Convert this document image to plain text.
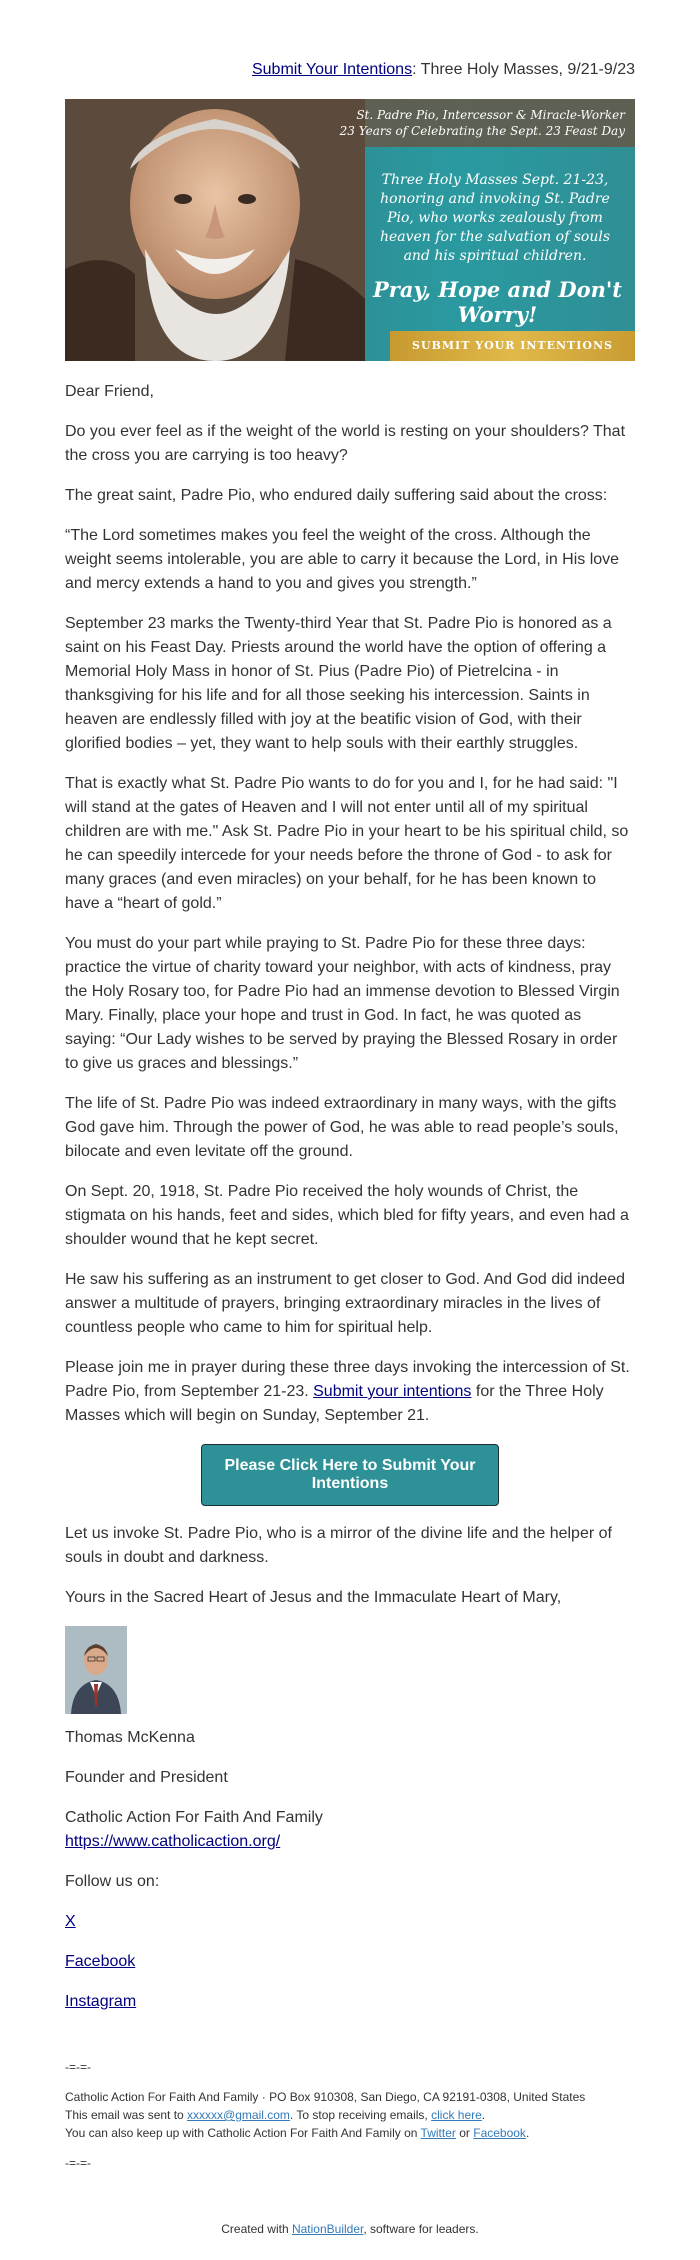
Submit Your Intentions: Three Holy Masses, 9/21-9/23
St. Padre Pio, Intercessor & Miracle-Worker
23 Years of Celebrating the Sept. 23 Feast Day
Three Holy Masses Sept. 21-23, honoring and invoking St. Padre Pio, who works zealously from heaven for the salvation of souls and his spiritual children.
Pray, Hope and Don't Worry!
SUBMIT YOUR INTENTIONS

Dear Friend,

Do you ever feel as if the weight of the world is resting on your shoulders? That the cross you are carrying is too heavy?

The great saint, Padre Pio, who endured daily suffering said about the cross:

“The Lord sometimes makes you feel the weight of the cross. Although the weight seems intolerable, you are able to carry it because the Lord, in His love and mercy extends a hand to you and gives you strength.”

September 23 marks the Twenty-third Year that St. Padre Pio is honored as a saint on his Feast Day. Priests around the world have the option of offering a Memorial Holy Mass in honor of St. Pius (Padre Pio) of Pietrelcina - in thanksgiving for his life and for all those seeking his intercession. Saints in heaven are endlessly filled with joy at the beatific vision of God, with their glorified bodies – yet, they want to help souls with their earthly struggles.

That is exactly what St. Padre Pio wants to do for you and I, for he had said: "I will stand at the gates of Heaven and I will not enter until all of my spiritual children are with me." Ask St. Padre Pio in your heart to be his spiritual child, so he can speedily intercede for your needs before the throne of God - to ask for many graces (and even miracles) on your behalf, for he has been known to have a “heart of gold.”

You must do your part while praying to St. Padre Pio for these three days: practice the virtue of charity toward your neighbor, with acts of kindness, pray the Holy Rosary too, for Padre Pio had an immense devotion to Blessed Virgin Mary. Finally, place your hope and trust in God. In fact, he was quoted as saying: “Our Lady wishes to be served by praying the Blessed Rosary in order to give us graces and blessings.”

The life of St. Padre Pio was indeed extraordinary in many ways, with the gifts God gave him. Through the power of God, he was able to read people’s souls, bilocate and even levitate off the ground.

On Sept. 20, 1918, St. Padre Pio received the holy wounds of Christ, the stigmata on his hands, feet and sides, which bled for fifty years, and even had a shoulder wound that he kept secret.

He saw his suffering as an instrument to get closer to God. And God did indeed answer a multitude of prayers, bringing extraordinary miracles in the lives of countless people who came to him for spiritual help.

Please join me in prayer during these three days invoking the intercession of St. Padre Pio, from September 21-23. Submit your intentions for the Three Holy Masses which will begin on Sunday, September 21.

Please Click Here to Submit Your Intentions

Let us invoke St. Padre Pio, who is a mirror of the divine life and the helper of souls in doubt and darkness.

Yours in the Sacred Heart of Jesus and the Immaculate Heart of Mary,

Thomas McKenna

Founder and President

Catholic Action For Faith And Family
https://www.catholicaction.org/

Follow us on:

X

Facebook

Instagram

-=-=-
Catholic Action For Faith And Family · PO Box 910308, San Diego, CA 92191-0308, United States
This email was sent to xxxxxx@gmail.com. To stop receiving emails, click here.
You can also keep up with Catholic Action For Faith And Family on Twitter or Facebook.
-=-=-
Created with NationBuilder, software for leaders.
